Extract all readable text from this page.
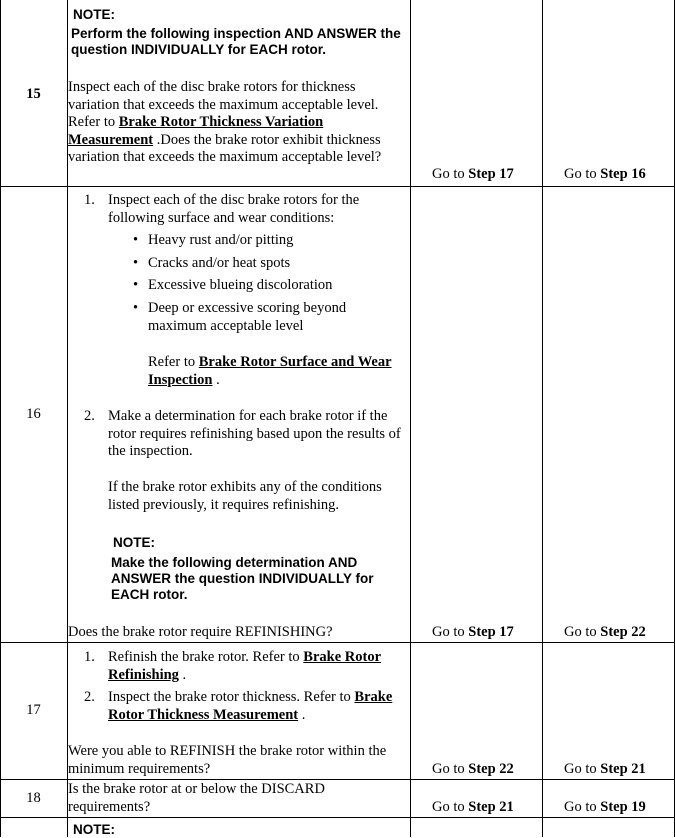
15
NOTE:
Perform the following inspection AND ANSWER the question INDIVIDUALLY for EACH rotor.
Inspect each of the disc brake rotors for thickness variation that exceeds the maximum acceptable level. Refer to Brake Rotor Thickness Variation Measurement .Does the brake rotor exhibit thickness variation that exceeds the maximum acceptable level?
Go to Step 17	Go to Step 16
16
1. Inspect each of the disc brake rotors for the following surface and wear conditions:
• Heavy rust and/or pitting
• Cracks and/or heat spots
• Excessive blueing discoloration
• Deep or excessive scoring beyond maximum acceptable level
Refer to Brake Rotor Surface and Wear Inspection .
2. Make a determination for each brake rotor if the rotor requires refinishing based upon the results of the inspection.
If the brake rotor exhibits any of the conditions listed previously, it requires refinishing.
NOTE:
Make the following determination AND ANSWER the question INDIVIDUALLY for EACH rotor.
Does the brake rotor require REFINISHING?	Go to Step 17	Go to Step 22
17
1. Refinish the brake rotor. Refer to Brake Rotor Refinishing .
2. Inspect the brake rotor thickness. Refer to Brake Rotor Thickness Measurement .
Were you able to REFINISH the brake rotor within the minimum requirements?	Go to Step 22	Go to Step 21
18
Is the brake rotor at or below the DISCARD requirements?	Go to Step 21	Go to Step 19
NOTE:
